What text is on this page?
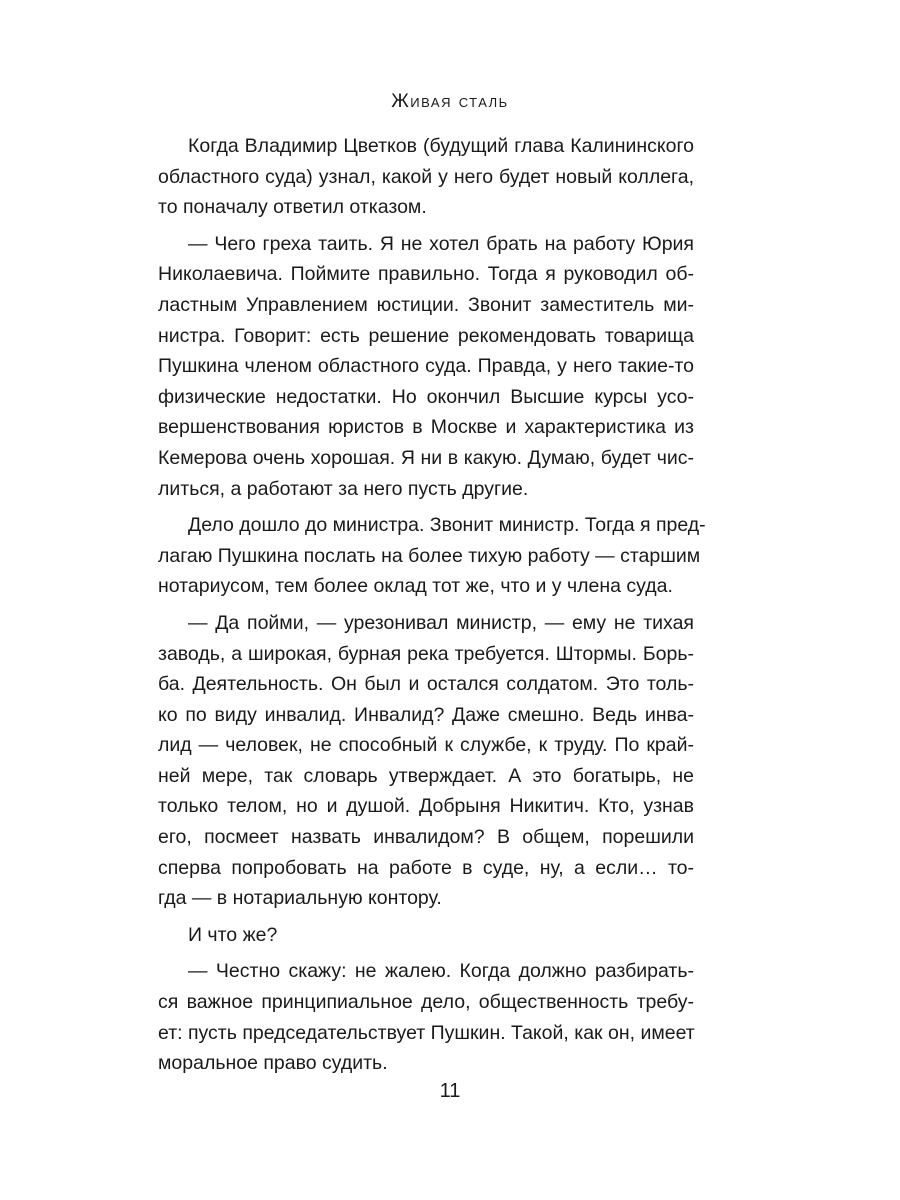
Живая сталь

Когда Владимир Цветков (будущий глава Калининского
областного суда) узнал, какой у него будет новый коллега,
то поначалу ответил отказом.

— Чего греха таить. Я не хотел брать на работу Юрия
Николаевича. Поймите правильно. Тогда я руководил об-
ластным Управлением юстиции. Звонит заместитель ми-
нистра. Говорит: есть решение рекомендовать товарища
Пушкина членом областного суда. Правда, у него такие-то
физические недостатки. Но окончил Высшие курсы усо-
вершенствования юристов в Москве и характеристика из
Кемерова очень хорошая. Я ни в какую. Думаю, будет чис-
литься, а работают за него пусть другие.

Дело дошло до министра. Звонит министр. Тогда я пред-
лагаю Пушкина послать на более тихую работу — старшим
нотариусом, тем более оклад тот же, что и у члена суда.

— Да пойми, — урезонивал министр, — ему не тихая
заводь, а широкая, бурная река требуется. Штормы. Борь-
ба. Деятельность. Он был и остался солдатом. Это толь-
ко по виду инвалид. Инвалид? Даже смешно. Ведь инва-
лид — человек, не способный к службе, к труду. По край-
ней мере, так словарь утверждает. А это богатырь, не
только телом, но и душой. Добрыня Никитич. Кто, узнав
его, посмеет назвать инвалидом? В общем, порешили
сперва попробовать на работе в суде, ну, а если… то-
гда — в нотариальную контору.

И что же?

— Честно скажу: не жалею. Когда должно разбирать-
ся важное принципиальное дело, общественность требу-
ет: пусть председательствует Пушкин. Такой, как он, имеет
моральное право судить.

11
